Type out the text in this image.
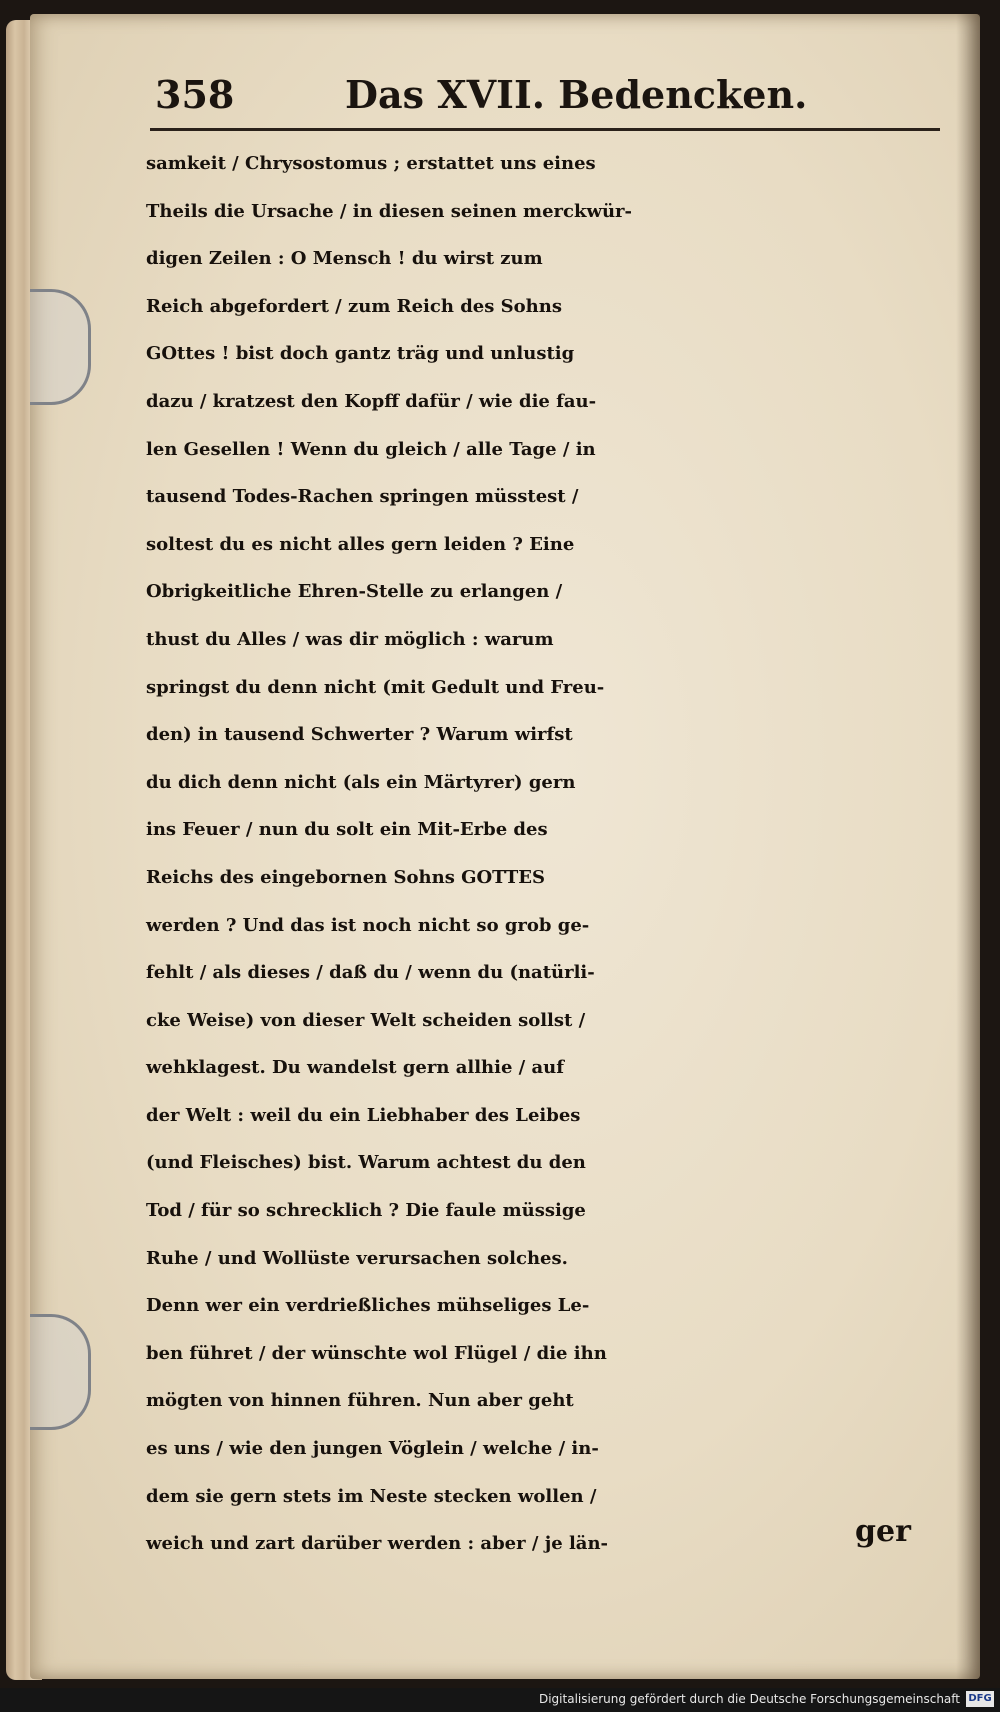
358	Das XVII. Bedencken.
samkeit / Chrysostomus ; erstattet uns eines
Theils die Ursache / in diesen seinen merckwür-
digen Zeilen : O Mensch ! du wirst zum
Reich abgefordert / zum Reich des Sohns
GOttes ! bist doch gantz träg und unlustig
dazu / kratzest den Kopff dafür / wie die fau-
len Gesellen ! Wenn du gleich / alle Tage / in
tausend Todes-Rachen springen müsstest /
soltest du es nicht alles gern leiden ? Eine
Obrigkeitliche Ehren-Stelle zu erlangen /
thust du Alles / was dir möglich : warum
springst du denn nicht (mit Gedult und Freu-
den) in tausend Schwerter ? Warum wirfst
du dich denn nicht (als ein Märtyrer) gern
ins Feuer / nun du solt ein Mit-Erbe des
Reichs des eingebornen Sohns GOTTES
werden ? Und das ist noch nicht so grob ge-
fehlt / als dieses / daß du / wenn du (natürli-
cke Weise) von dieser Welt scheiden sollst /
wehklagest. Du wandelst gern allhie / auf
der Welt : weil du ein Liebhaber des Leibes
(und Fleisches) bist. Warum achtest du den
Tod / für so schrecklich ? Die faule müssige
Ruhe / und Wollüste verursachen solches.
Denn wer ein verdrießliches mühseliges Le-
ben führet / der wünschte wol Flügel / die ihn
mögten von hinnen führen. Nun aber geht
es uns / wie den jungen Vöglein / welche / in-
dem sie gern stets im Neste stecken wollen /
weich und zart darüber werden : aber / je län-	ger
Digitalisierung gefördert durch die Deutsche Forschungsgemeinschaft DFG
